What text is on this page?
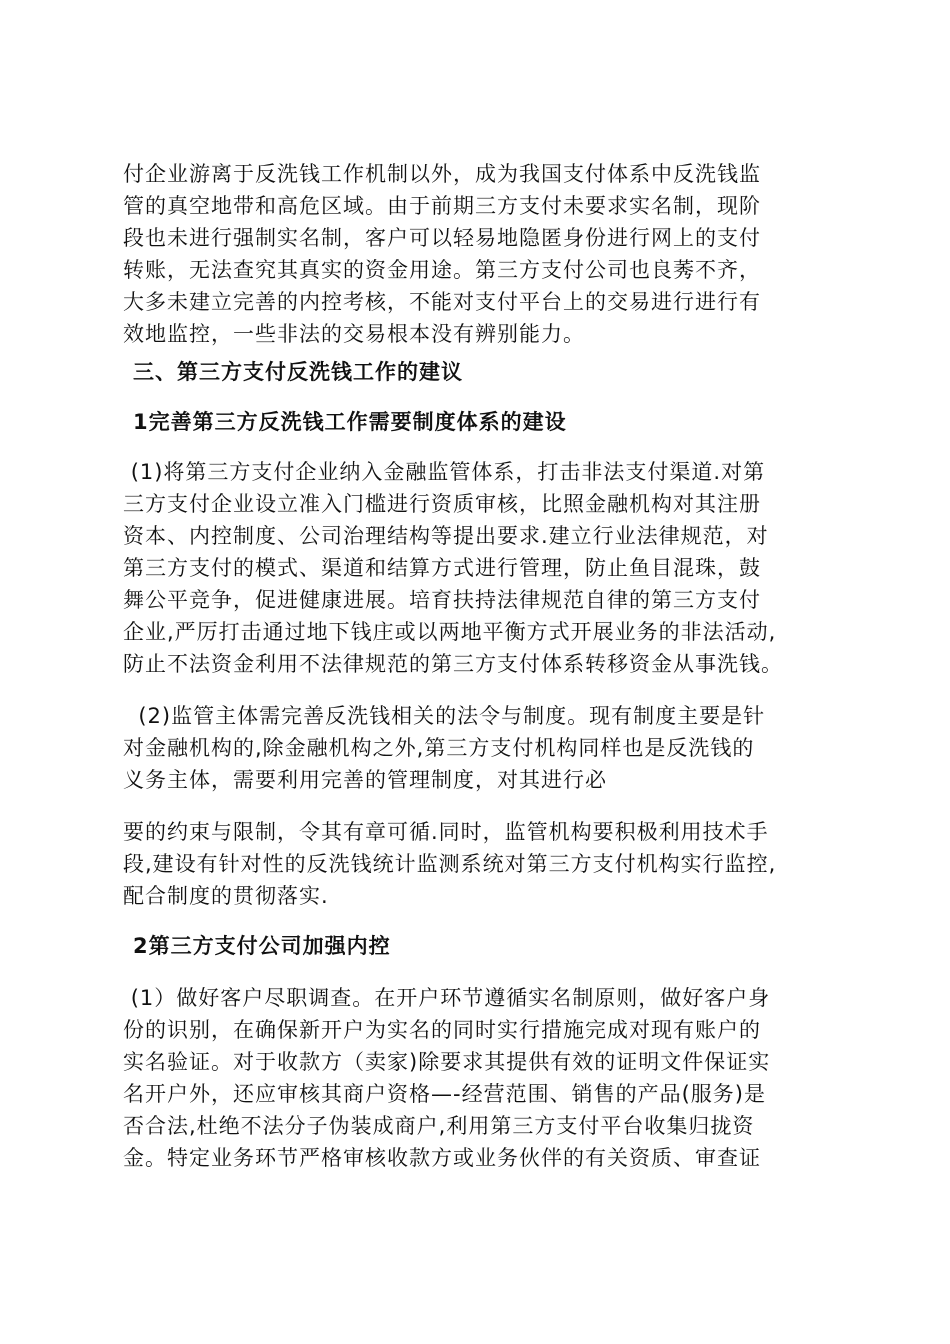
付企业游离于反洗钱工作机制以外，成为我国支付体系中反洗钱监
管的真空地带和高危区域。由于前期三方支付未要求实名制，现阶
段也未进行强制实名制，客户可以轻易地隐匿身份进行网上的支付
转账，无法查究其真实的资金用途。第三方支付公司也良莠不齐，
大多未建立完善的内控考核，不能对支付平台上的交易进行进行有
效地监控，一些非法的交易根本没有辨别能力。
三、第三方支付反洗钱工作的建议
1完善第三方反洗钱工作需要制度体系的建设
(1)将第三方支付企业纳入金融监管体系，打击非法支付渠道.对第
三方支付企业设立准入门槛进行资质审核，比照金融机构对其注册
资本、内控制度、公司治理结构等提出要求.建立行业法律规范，对
第三方支付的模式、渠道和结算方式进行管理，防止鱼目混珠，鼓
舞公平竞争，促进健康进展。培育扶持法律规范自律的第三方支付
企业,严厉打击通过地下钱庄或以两地平衡方式开展业务的非法活动,
防止不法资金利用不法律规范的第三方支付体系转移资金从事洗钱。
(2)监管主体需完善反洗钱相关的法令与制度。现有制度主要是针
对金融机构的,除金融机构之外,第三方支付机构同样也是反洗钱的
义务主体，需要利用完善的管理制度，对其进行必
要的约束与限制，令其有章可循.同时，监管机构要积极利用技术手
段,建设有针对性的反洗钱统计监测系统对第三方支付机构实行监控,
配合制度的贯彻落实.
2第三方支付公司加强内控
(1）做好客户尽职调查。在开户环节遵循实名制原则，做好客户身
份的识别，在确保新开户为实名的同时实行措施完成对现有账户的
实名验证。对于收款方（卖家)除要求其提供有效的证明文件保证实
名开户外，还应审核其商户资格—-经营范围、销售的产品(服务)是
否合法,杜绝不法分子伪装成商户,利用第三方支付平台收集归拢资
金。特定业务环节严格审核收款方或业务伙伴的有关资质、审查证
